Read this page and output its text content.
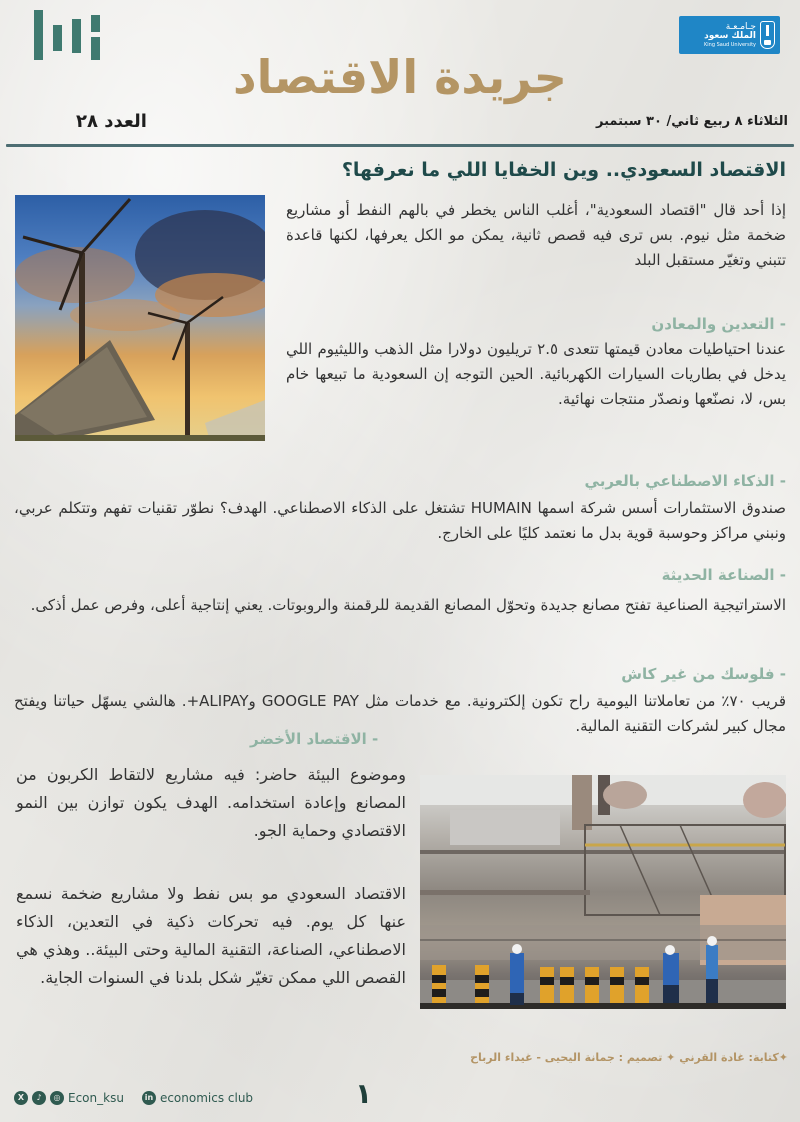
جـامـعـة
الملك سعود
King Saud University
جريدة الاقتصاد
الثلاثاء ٨ ربيع ثاني/ ٣٠ سبتمبر
العدد ٢٨
الاقتصاد السعودي.. وين الخفايا اللي ما نعرفها؟

إذا أحد قال "اقتصاد السعودية"، أغلب الناس يخطر في بالهم النفط أو مشاريع ضخمة مثل نيوم. بس ترى فيه قصص ثانية، يمكن مو الكل يعرفها، لكنها قاعدة تتبني وتغيّر مستقبل البلد

- التعدين والمعادن

عندنا احتياطيات معادن قيمتها تتعدى ٢.٥ تريليون دولارا مثل الذهب والليثيوم اللي يدخل في بطاريات السيارات الكهربائية. الحين التوجه إن السعودية ما تبيعها خام بس، لا، نصنّعها ونصدّر منتجات نهائية.

- الذكاء الاصطناعي بالعربي

صندوق الاستثمارات أسس شركة اسمها HUMAIN تشتغل على الذكاء الاصطناعي. الهدف؟ نطوّر تقنيات تفهم وتتكلم عربي، ونبني مراكز وحوسبة قوية بدل ما نعتمد كليًا على الخارج.

- الصناعة الحديثة

الاستراتيجية الصناعية تفتح مصانع جديدة وتحوّل المصانع القديمة للرقمنة والروبوتات. يعني إنتاجية أعلى، وفرص عمل أذكى.

- فلوسك من غير كاش

قريب ٧٠٪ من تعاملاتنا اليومية راح تكون إلكترونية. مع خدمات مثل GOOGLE PAY وALIPAY+. هالشي يسهّل حياتنا ويفتح مجال كبير لشركات التقنية المالية.

- الاقتصاد الأخضر

وموضوع البيئة حاضر: فيه مشاريع لالتقاط الكربون من المصانع وإعادة استخدامه. الهدف يكون توازن بين النمو الاقتصادي وحماية الجو.

الاقتصاد السعودي مو بس نفط ولا مشاريع ضخمة نسمع عنها كل يوم. فيه تحركات ذكية في التعدين، الذكاء الاصطناعي، الصناعة، التقنية المالية وحتى البيئة.. وهذي هي القصص اللي ممكن تغيّر شكل بلدنا في السنوات الجاية.

✦كتابة: غادة القرني ✦ تصميم : جمانة اليحيى - غيداء الرباح
١
X	♪	◎ Econ_ksu	in economics club
